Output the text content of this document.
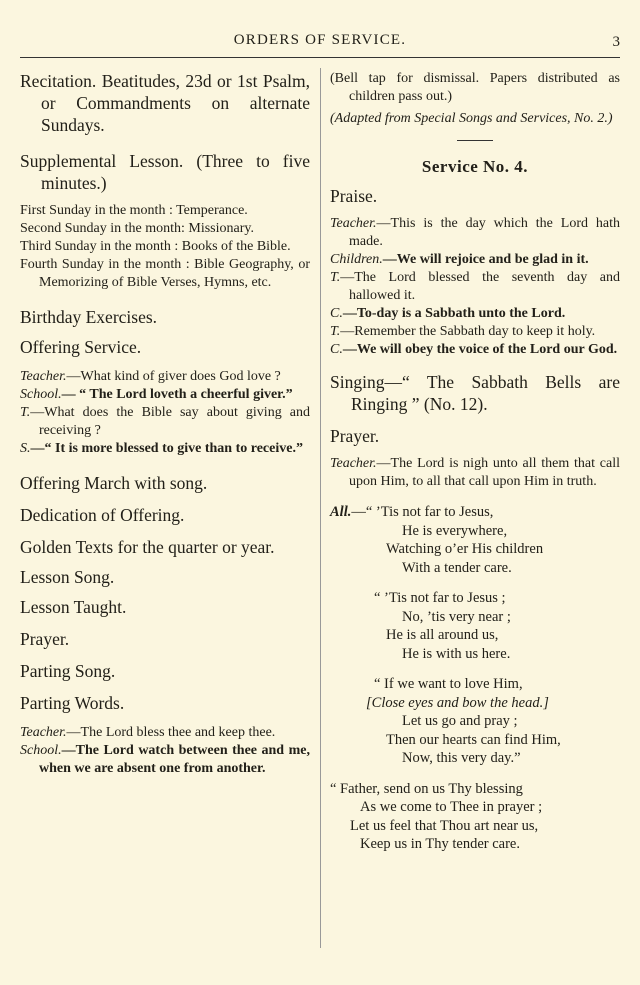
ORDERS OF SERVICE.	3
Recitation. Beatitudes, 23d or 1st Psalm, or Commandments on alternate Sundays.
Supplemental Lesson. (Three to five minutes.)
First Sunday in the month : Temperance.
Second Sunday in the month: Missionary.
Third Sunday in the month : Books of the Bible.
Fourth Sunday in the month : Bible Geography, or Memorizing of Bible Verses, Hymns, etc.
Birthday Exercises.
Offering Service.
Teacher.—What kind of giver does God love ?
School.— “ The Lord loveth a cheerful giver.”
T.—What does the Bible say about giving and receiving ?
S.—“ It is more blessed to give than to receive.”
Offering March with song.
Dedication of Offering.
Golden Texts for the quarter or year.
Lesson Song.
Lesson Taught.
Prayer.
Parting Song.
Parting Words.
Teacher.—The Lord bless thee and keep thee.
School.—The Lord watch between thee and me, when we are absent one from another.
(Bell tap for dismissal. Papers distributed as children pass out.)
(Adapted from Special Songs and Services, No. 2.)
Service No. 4.
Praise.
Teacher.—This is the day which the Lord hath made.
Children.—We will rejoice and be glad in it.
T.—The Lord blessed the seventh day and hallowed it.
C.—To-day is a Sabbath unto the Lord.
T.—Remember the Sabbath day to keep it holy.
C.—We will obey the voice of the Lord our God.
Singing—“ The Sabbath Bells are Ringing ” (No. 12).
Prayer.
Teacher.—The Lord is nigh unto all them that call upon Him, to all that call upon Him in truth.
All.—“ ’Tis not far to Jesus,
He is everywhere,
Watching o’er His children
With a tender care.
“ ’Tis not far to Jesus ;
No, ’tis very near ;
He is all around us,
He is with us here.
“ If we want to love Him,
[Close eyes and bow the head.]
Let us go and pray ;
Then our hearts can find Him,
Now, this very day.”
“ Father, send on us Thy blessing
As we come to Thee in prayer ;
Let us feel that Thou art near us,
Keep us in Thy tender care.
